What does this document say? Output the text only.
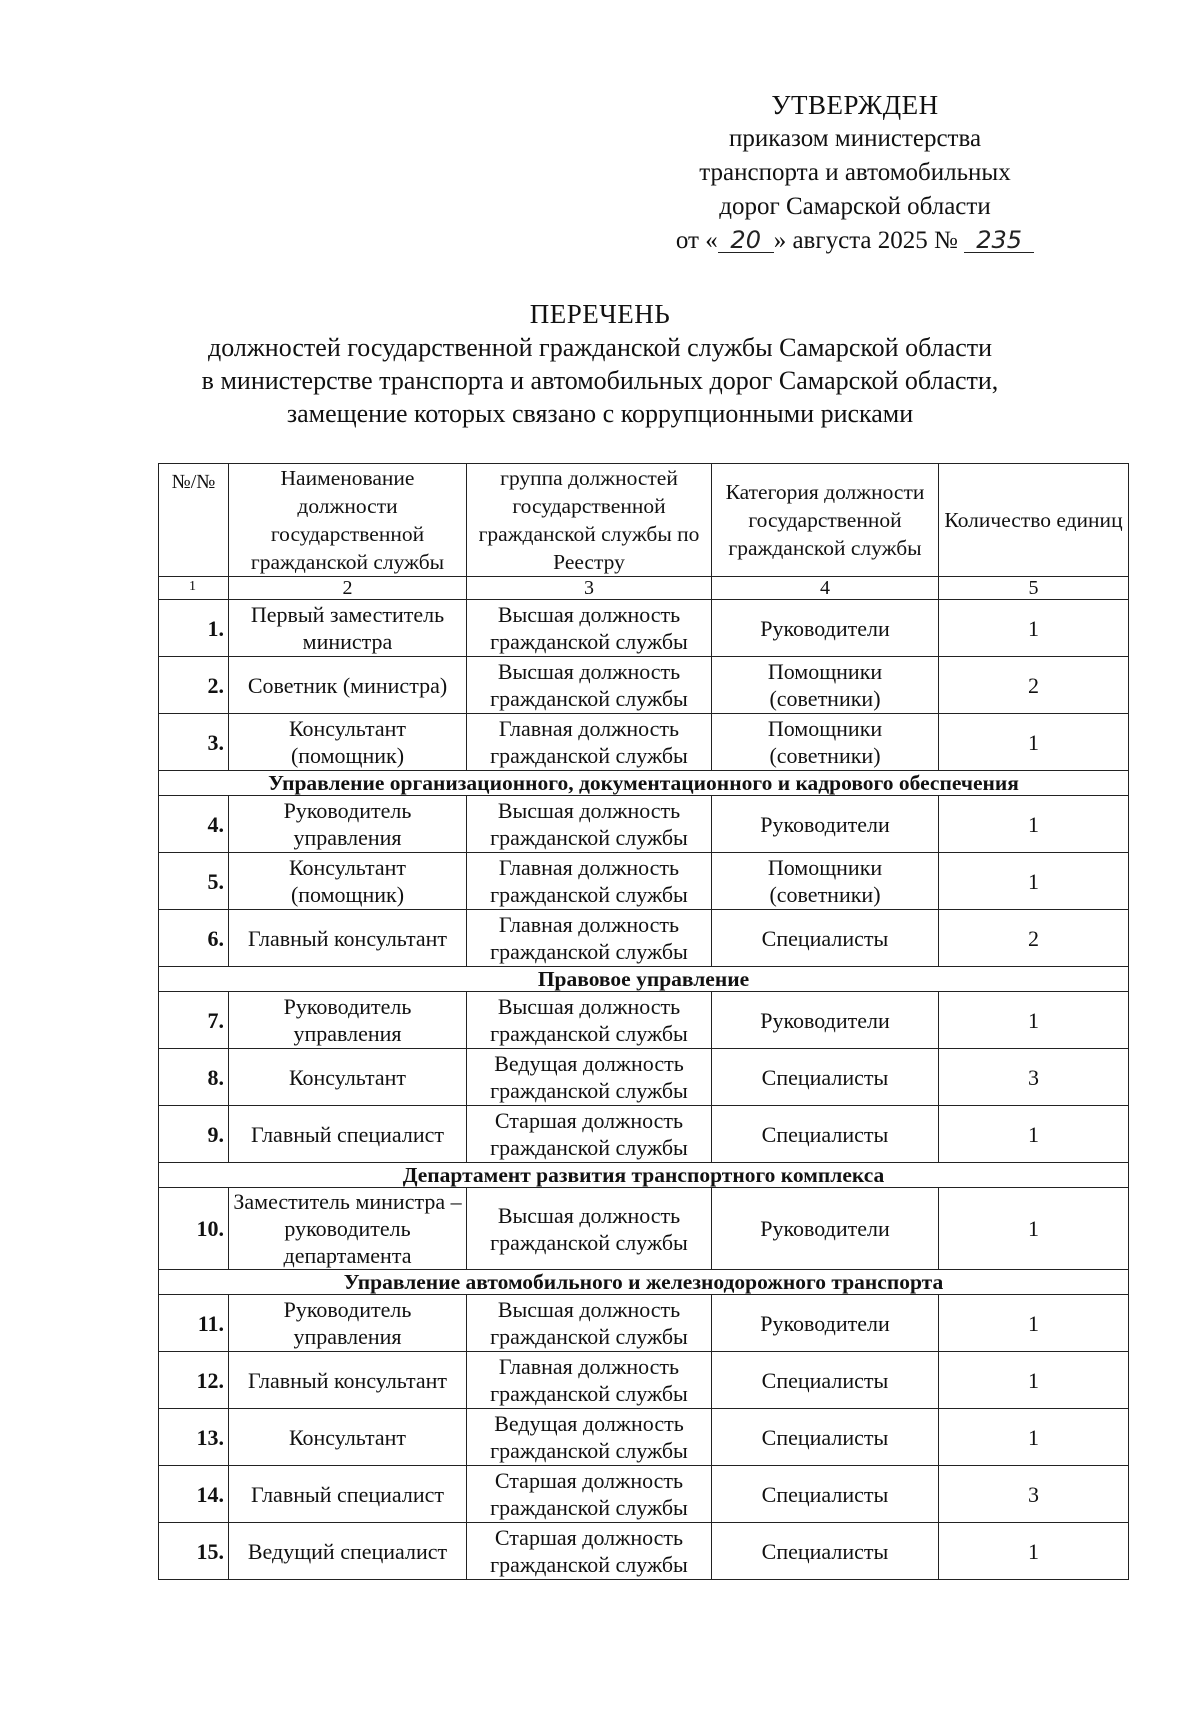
УТВЕРЖДЕН
приказом министерства
транспорта и автомобильных
дорог Самарской области
от « 20 » августа 2025 № 235
ПЕРЕЧЕНЬ
должностей государственной гражданской службы Самарской области
в министерстве транспорта и автомобильных дорог Самарской области,
замещение которых связано с коррупционными рисками
№/№	Наименование должности государственной гражданской службы	группа должностей государственной гражданской службы по Реестру	Категория должности государственной гражданской службы	Количество единиц
1	2	3	4	5
1.	Первый заместитель министра	Высшая должность гражданской службы	Руководители	1
2.	Советник (министра)	Высшая должность гражданской службы	Помощники (советники)	2
3.	Консультант (помощник)	Главная должность гражданской службы	Помощники (советники)	1
Управление организационного, документационного и кадрового обеспечения				
4.	Руководитель управления	Высшая должность гражданской службы	Руководители	1
5.	Консультант (помощник)	Главная должность гражданской службы	Помощники (советники)	1
6.	Главный консультант	Главная должность гражданской службы	Специалисты	2
Правовое управление				
7.	Руководитель управления	Высшая должность гражданской службы	Руководители	1
8.	Консультант	Ведущая должность гражданской службы	Специалисты	3
9.	Главный специалист	Старшая должность гражданской службы	Специалисты	1
Департамент развития транспортного комплекса				
10.	Заместитель министра – руководитель департамента	Высшая должность гражданской службы	Руководители	1
Управление автомобильного и железнодорожного транспорта				
11.	Руководитель управления	Высшая должность гражданской службы	Руководители	1
12.	Главный консультант	Главная должность гражданской службы	Специалисты	1
13.	Консультант	Ведущая должность гражданской службы	Специалисты	1
14.	Главный специалист	Старшая должность гражданской службы	Специалисты	3
15.	Ведущий специалист	Старшая должность гражданской службы	Специалисты	1
